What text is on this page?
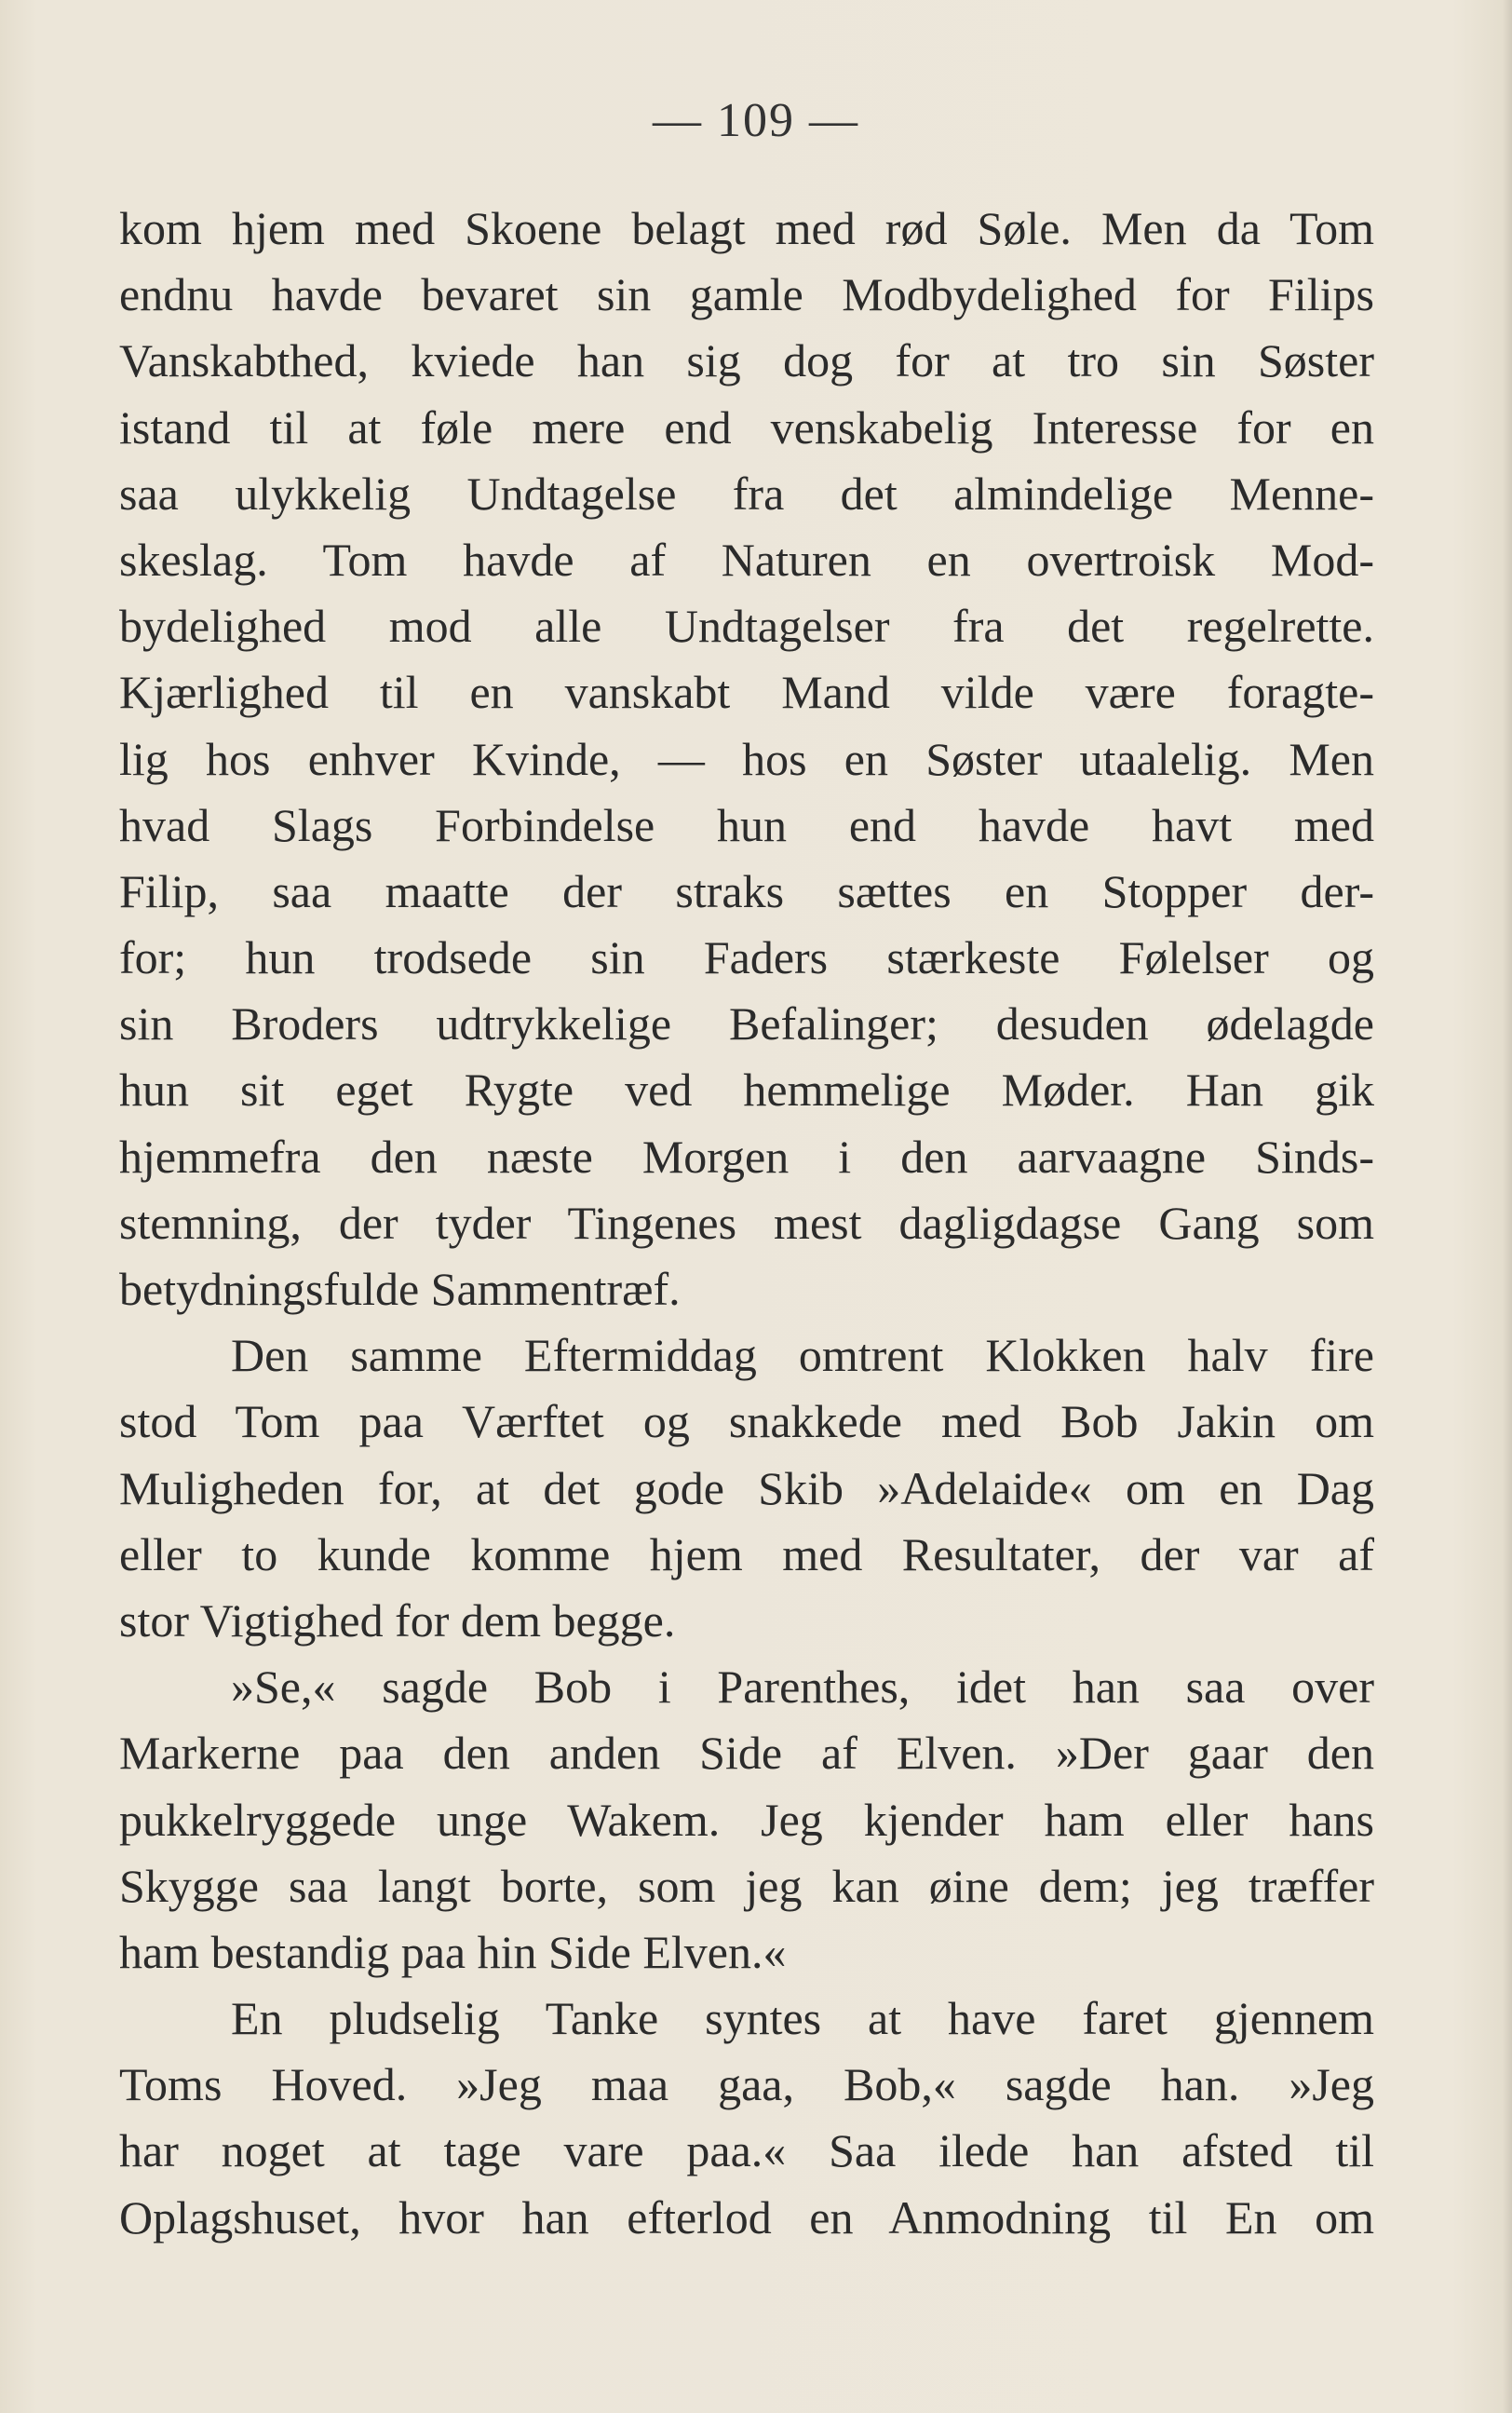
— 109 —
kom hjem med Skoene belagt med rød Søle. Men da Tom
endnu havde bevaret sin gamle Modbydelighed for Filips
Vanskabthed, kviede han sig dog for at tro sin Søster
istand til at føle mere end venskabelig Interesse for en
saa ulykkelig Undtagelse fra det almindelige Menne-
skeslag. Tom havde af Naturen en overtroisk Mod-
bydelighed mod alle Undtagelser fra det regelrette.
Kjærlighed til en vanskabt Mand vilde være foragte-
lig hos enhver Kvinde, — hos en Søster utaalelig. Men
hvad Slags Forbindelse hun end havde havt med
Filip, saa maatte der straks sættes en Stopper der-
for; hun trodsede sin Faders stærkeste Følelser og
sin Broders udtrykkelige Befalinger; desuden ødelagde
hun sit eget Rygte ved hemmelige Møder. Han gik
hjemmefra den næste Morgen i den aarvaagne Sinds-
stemning, der tyder Tingenes mest dagligdagse Gang som
betydningsfulde Sammentræf.
Den samme Eftermiddag omtrent Klokken halv fire
stod Tom paa Værftet og snakkede med Bob Jakin om
Muligheden for, at det gode Skib »Adelaide« om en Dag
eller to kunde komme hjem med Resultater, der var af
stor Vigtighed for dem begge.
»Se,« sagde Bob i Parenthes, idet han saa over
Markerne paa den anden Side af Elven. »Der gaar den
pukkelryggede unge Wakem. Jeg kjender ham eller hans
Skygge saa langt borte, som jeg kan øine dem; jeg træffer
ham bestandig paa hin Side Elven.«
En pludselig Tanke syntes at have faret gjennem
Toms Hoved. »Jeg maa gaa, Bob,« sagde han. »Jeg
har noget at tage vare paa.« Saa ilede han afsted til
Oplagshuset, hvor han efterlod en Anmodning til En om
